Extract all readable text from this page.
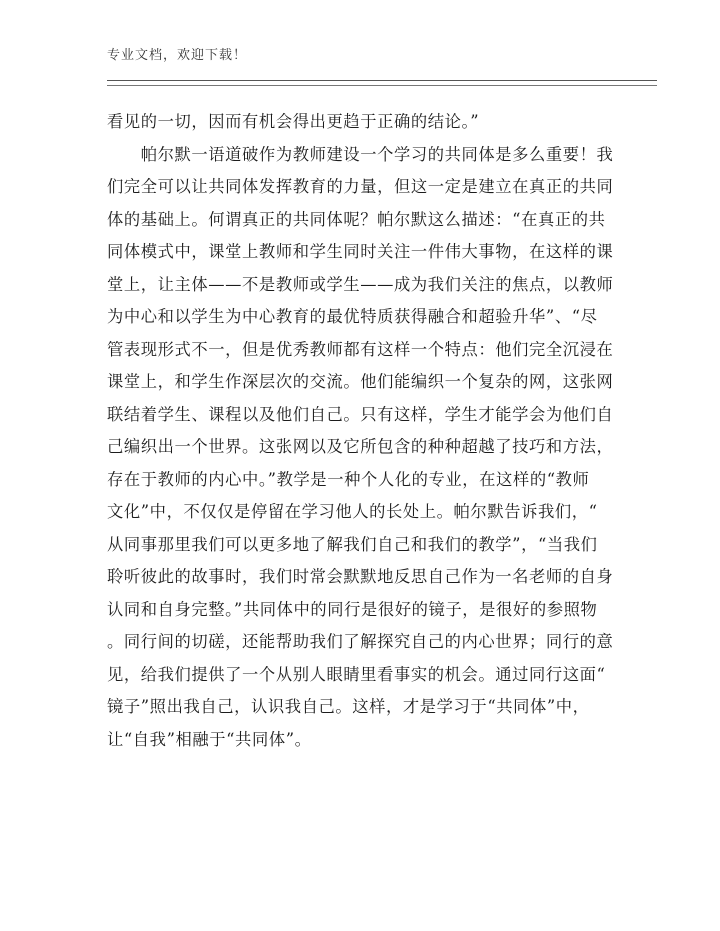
专业文档，欢迎下载！
看见的一切，因而有机会得出更趋于正确的结论。”
　　帕尔默一语道破作为教师建设一个学习的共同体是多么重要！我
们完全可以让共同体发挥教育的力量，但这一定是建立在真正的共同
体的基础上。何谓真正的共同体呢？帕尔默这么描述：“在真正的共
同体模式中，课堂上教师和学生同时关注一件伟大事物，在这样的课
堂上，让主体——不是教师或学生——成为我们关注的焦点，以教师
为中心和以学生为中心教育的最优特质获得融合和超验升华”、“尽
管表现形式不一，但是优秀教师都有这样一个特点：他们完全沉浸在
课堂上，和学生作深层次的交流。他们能编织一个复杂的网，这张网
联结着学生、课程以及他们自己。只有这样，学生才能学会为他们自
己编织出一个世界。这张网以及它所包含的种种超越了技巧和方法，
存在于教师的内心中。”教学是一种个人化的专业，在这样的“教师
文化”中，不仅仅是停留在学习他人的长处上。帕尔默告诉我们，“
从同事那里我们可以更多地了解我们自己和我们的教学”，“当我们
聆听彼此的故事时，我们时常会默默地反思自己作为一名老师的自身
认同和自身完整。”共同体中的同行是很好的镜子，是很好的参照物
。同行间的切磋，还能帮助我们了解探究自己的内心世界；同行的意
见，给我们提供了一个从别人眼睛里看事实的机会。通过同行这面“
镜子”照出我自己，认识我自己。这样，才是学习于“共同体”中，
让“自我”相融于“共同体”。
